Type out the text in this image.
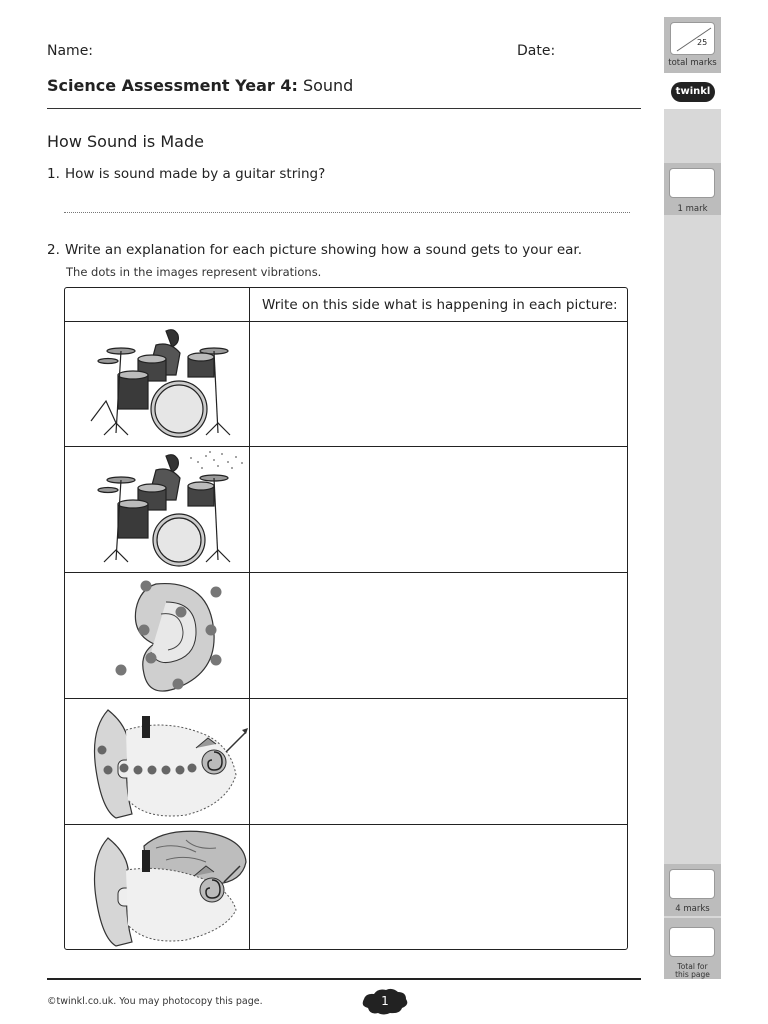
Name:	Date:
Science Assessment Year 4: Sound
How Sound is Made
1. How is sound made by a guitar string?
2. Write an explanation for each picture showing how a sound gets to your ear.
The dots in the images represent vibrations.
Write on this side what is happening in each picture:
25
total marks
twinkl
1 mark
4 marks
Total for
this page
©twinkl.co.uk. You may photocopy this page.	1
